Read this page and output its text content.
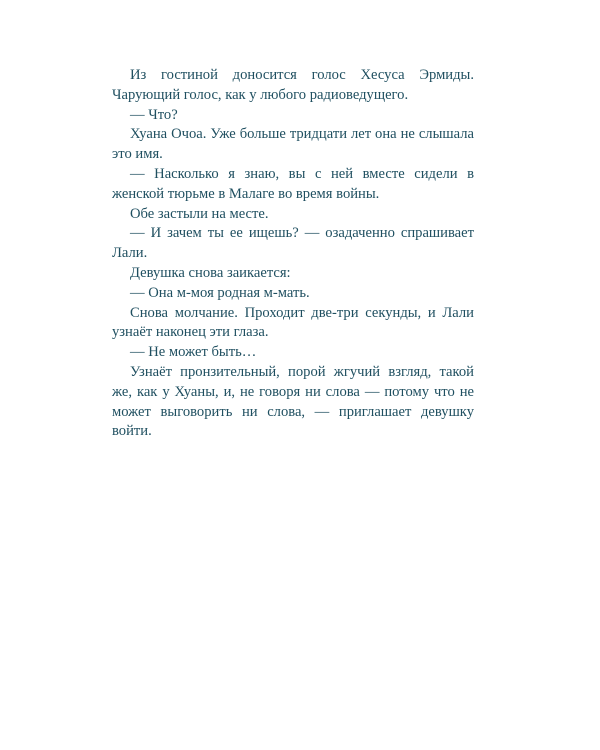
Из гостиной доносится голос Хесуса Эрмиды. Чарующий голос, как у любого радиоведущего.

— Что?

Хуана Очоа. Уже больше тридцати лет она не слышала это имя.

— Насколько я знаю, вы с ней вместе сидели в женской тюрьме в Малаге во время войны.

Обе застыли на месте.

— И зачем ты ее ищешь? — озадаченно спрашивает Лали.

Девушка снова заикается:

— Она м-моя родная м-мать.

Снова молчание. Проходит две-три секунды, и Лали узнаёт наконец эти глаза.

— Не может быть…

Узнаёт пронзительный, порой жгучий взгляд, такой же, как у Хуаны, и, не говоря ни слова — потому что не может выговорить ни слова, — приглашает девушку войти.
